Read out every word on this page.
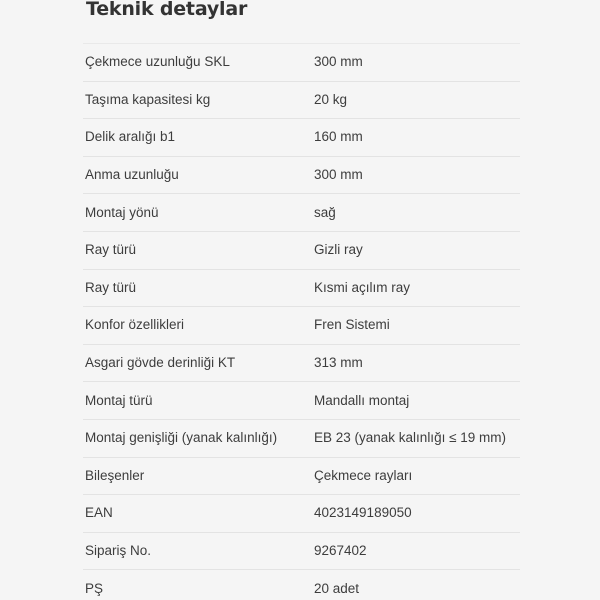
Teknik detaylar
Çekmece uzunluğu SKL	300 mm
Taşıma kapasitesi kg	20 kg
Delik aralığı b1	160 mm
Anma uzunluğu	300 mm
Montaj yönü	sağ
Ray türü	Gizli ray
Ray türü	Kısmi açılım ray
Konfor özellikleri	Fren Sistemi
Asgari gövde derinliği KT	313 mm
Montaj türü	Mandallı montaj
Montaj genişliği (yanak kalınlığı)	EB 23 (yanak kalınlığı ≤ 19 mm)
Bileşenler	Çekmece rayları
EAN	4023149189050
Sipariş No.	9267402
PŞ	20 adet
